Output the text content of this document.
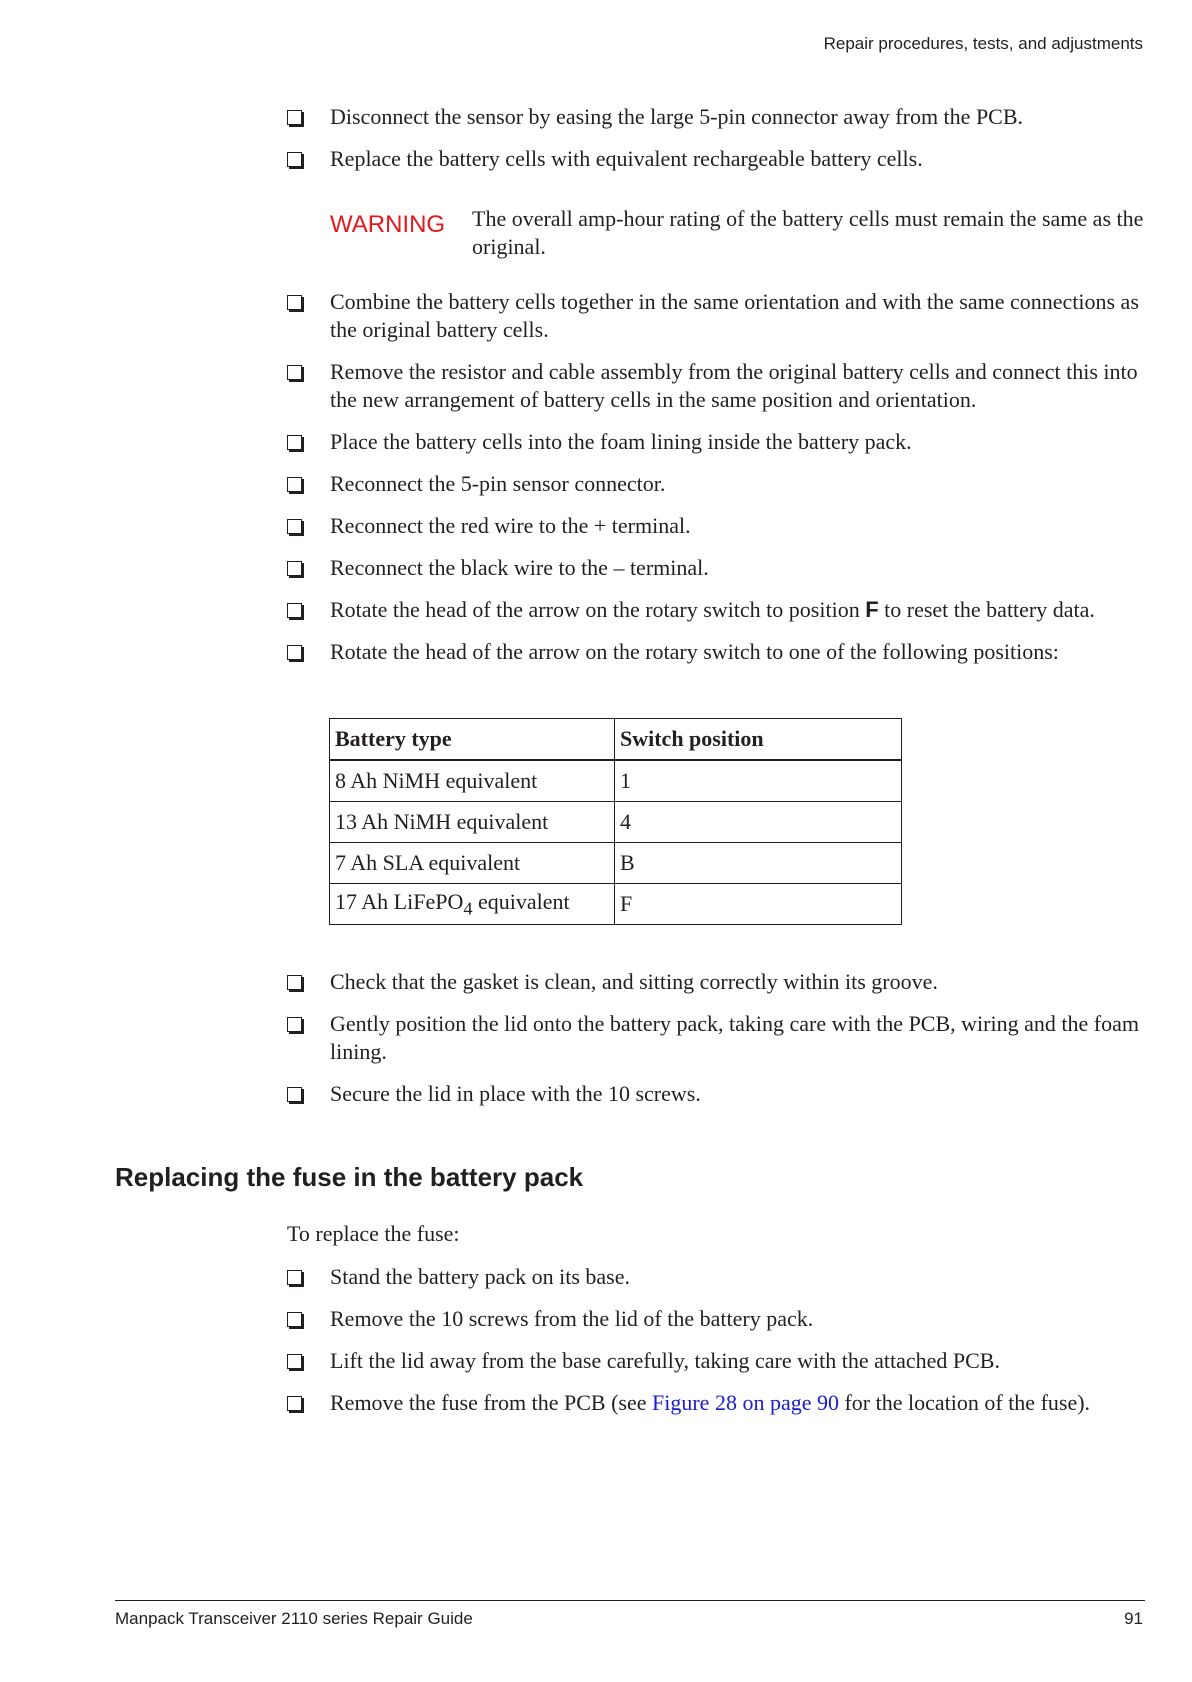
Repair procedures, tests, and adjustments
Disconnect the sensor by easing the large 5-pin connector away from the PCB.
Replace the battery cells with equivalent rechargeable battery cells.
WARNING The overall amp-hour rating of the battery cells must remain the same as the original.
Combine the battery cells together in the same orientation and with the same connections as the original battery cells.
Remove the resistor and cable assembly from the original battery cells and connect this into the new arrangement of battery cells in the same position and orientation.
Place the battery cells into the foam lining inside the battery pack.
Reconnect the 5-pin sensor connector.
Reconnect the red wire to the + terminal.
Reconnect the black wire to the – terminal.
Rotate the head of the arrow on the rotary switch to position F to reset the battery data.
Rotate the head of the arrow on the rotary switch to one of the following positions:
Battery type	Switch position
8 Ah NiMH equivalent	1
13 Ah NiMH equivalent	4
7 Ah SLA equivalent	B
17 Ah LiFePO$_4$ equivalent	F
Check that the gasket is clean, and sitting correctly within its groove.
Gently position the lid onto the battery pack, taking care with the PCB, wiring and the foam lining.
Secure the lid in place with the 10 screws.
Replacing the fuse in the battery pack

To replace the fuse:

Stand the battery pack on its base.
Remove the 10 screws from the lid of the battery pack.
Lift the lid away from the base carefully, taking care with the attached PCB.
Remove the fuse from the PCB (see Figure 28 on page 90 for the location of the fuse).
Manpack Transceiver 2110 series Repair Guide	91
